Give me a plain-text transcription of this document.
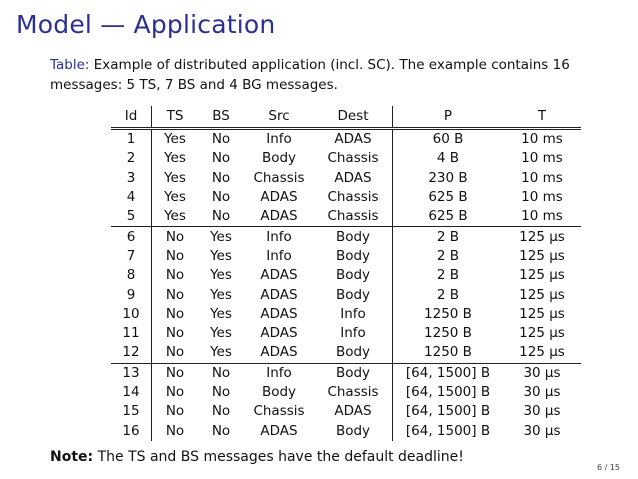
Model — Application
Table: Example of distributed application (incl. SC). The example contains 16 messages: 5 TS, 7 BS and 4 BG messages.
Id	TS	BS	Src	Dest	P	T
1	Yes	No	Info	ADAS	60 B	10 ms
2	Yes	No	Body	Chassis	4 B	10 ms
3	Yes	No	Chassis	ADAS	230 B	10 ms
4	Yes	No	ADAS	Chassis	625 B	10 ms
5	Yes	No	ADAS	Chassis	625 B	10 ms
6	No	Yes	Info	Body	2 B	125 μs
7	No	Yes	Info	Body	2 B	125 μs
8	No	Yes	ADAS	Body	2 B	125 μs
9	No	Yes	ADAS	Body	2 B	125 μs
10	No	Yes	ADAS	Info	1250 B	125 μs
11	No	Yes	ADAS	Info	1250 B	125 μs
12	No	Yes	ADAS	Body	1250 B	125 μs
13	No	No	Info	Body	[64, 1500] B	30 μs
14	No	No	Body	Chassis	[64, 1500] B	30 μs
15	No	No	Chassis	ADAS	[64, 1500] B	30 μs
16	No	No	ADAS	Body	[64, 1500] B	30 μs
Note: The TS and BS messages have the default deadline!
6 / 15
